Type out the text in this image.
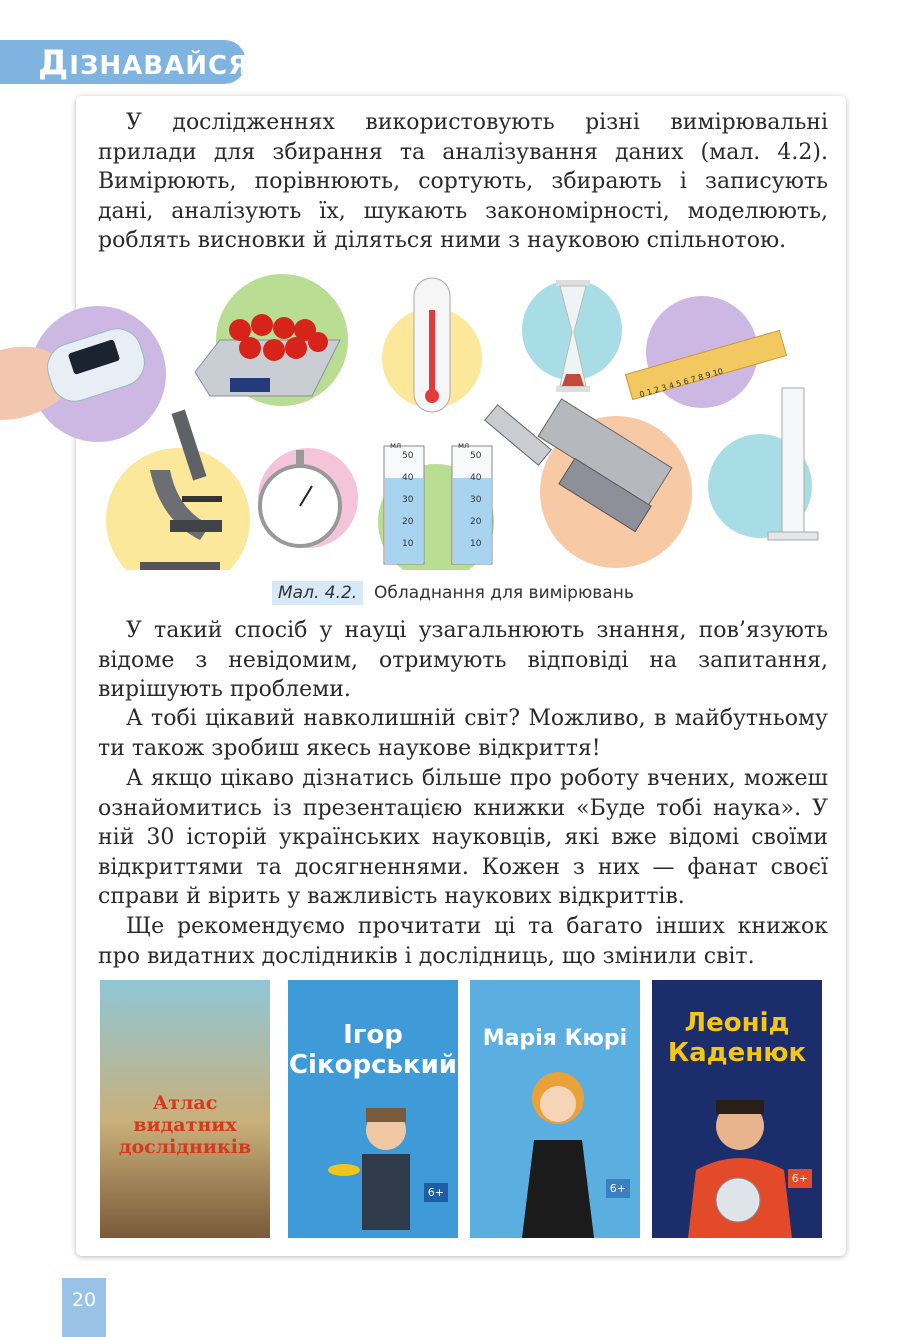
ДІЗНАВАЙСЯ

У дослідженнях використовують різні вимірювальні прилади для збирання та аналізування даних (мал. 4.2). Вимірюють, порівнюють, сортують, збирають і записують дані, аналізують їх, шукають закономірності, моделюють, роблять висновки й діляться ними з науковою спільнотою.

0 1 2 3 4 5 6 7 8 9 10
мл	мл
50
40
30
20
10
50
40
30
20
10
Мал. 4.2. Обладнання для вимірювань

У такий спосіб у науці узагальнюють знання, пов’язують відоме з невідомим, отримують відповіді на запитання, вирішують проблеми.

А тобі цікавий навколишній світ? Можливо, в майбутньому ти також зробиш якесь наукове відкриття!

А якщо цікаво дізнатись більше про роботу вчених, можеш ознайомитись із презентацією книжки «Буде тобі наука». У ній 30 історій українських науковців, які вже відомі своїми відкриттями та досягненнями. Кожен з них — фанат своєї справи й вірить у важливість наукових відкриттів.

Ще рекомендуємо прочитати ці та багато інших книжок про видатних дослідників і дослідниць, що змінили світ.

Атлас
видатних
дослідників
Ігор
Сікорський
6+
Марія Кюрі
6+
Леонід
Каденюк
6+
20
